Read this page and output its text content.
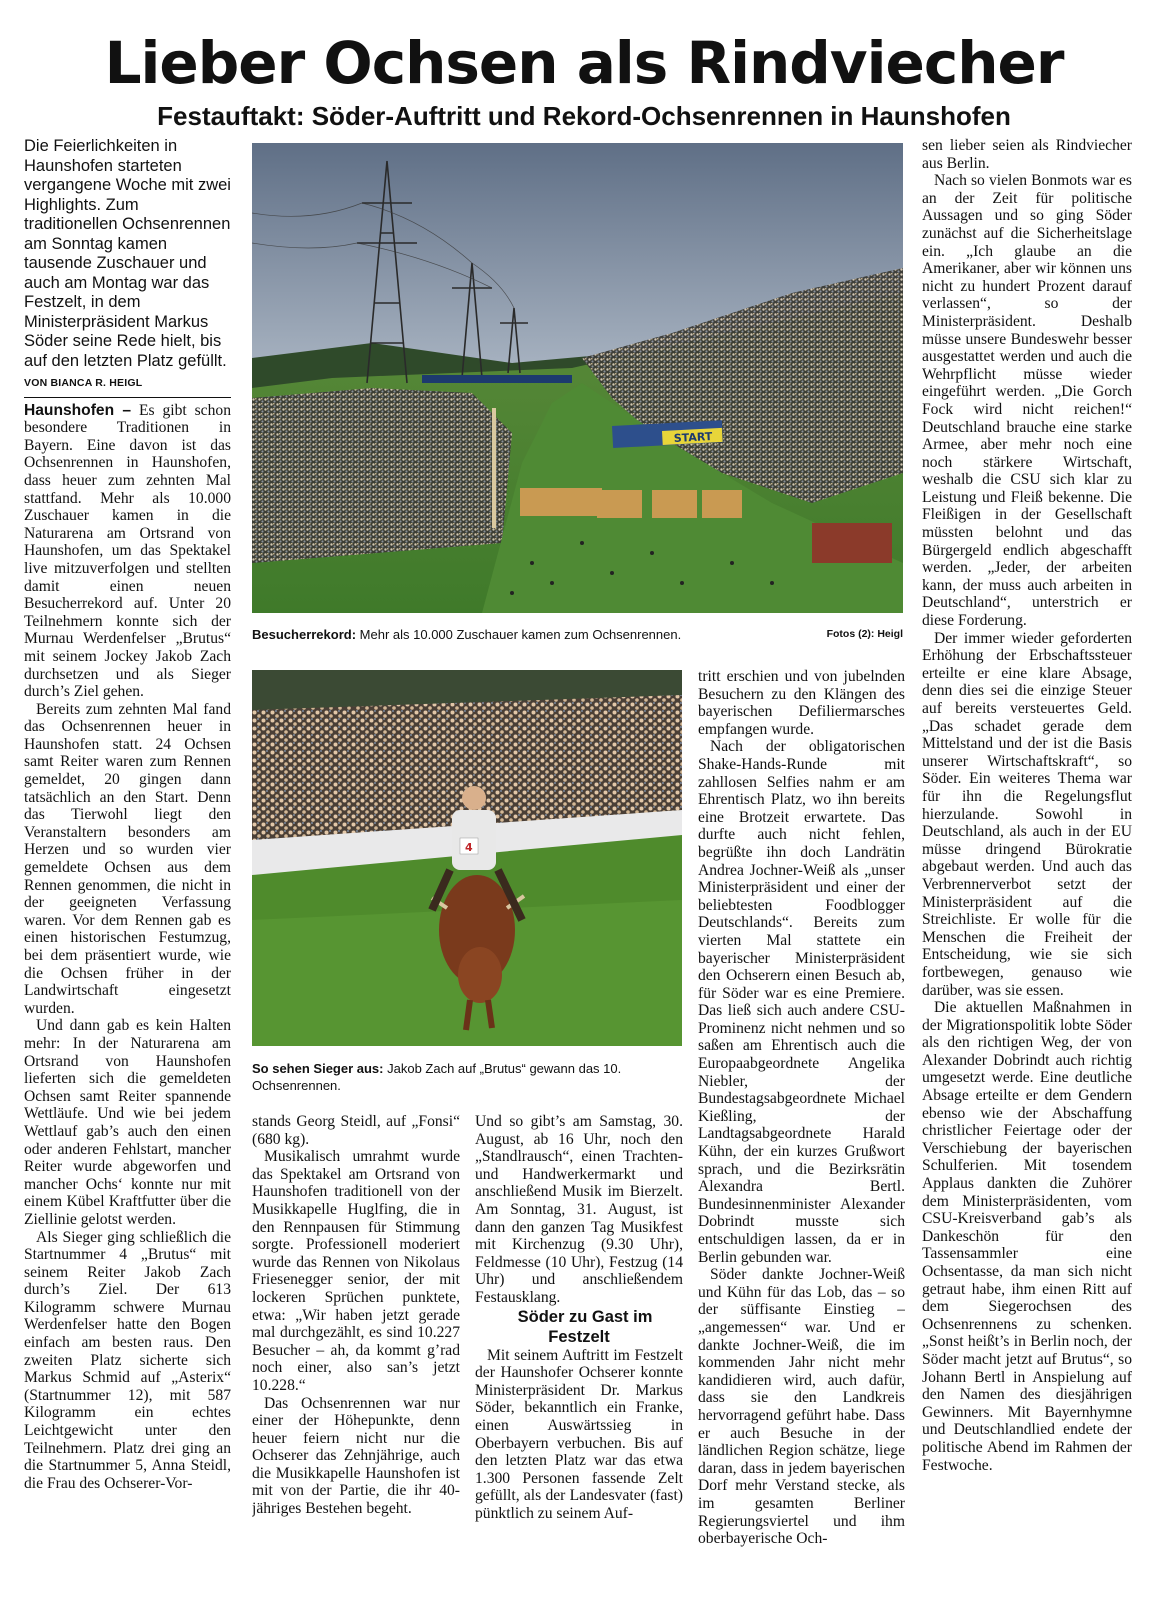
Lieber Ochsen als Rindviecher
Festauftakt: Söder-Auftritt und Rekord-Ochsenrennen in Haunshofen

Die Feierlichkeiten in Haunshofen starteten vergangene Woche mit zwei Highlights. Zum traditionellen Ochsenrennen am Sonntag kamen tausende Zuschauer und auch am Montag war das Festzelt, in dem Ministerpräsident Markus Söder seine Rede hielt, bis auf den letzten Platz gefüllt.

VON BIANCA R. HEIGL

Haunshofen – Es gibt schon besondere Traditionen in Bayern. Eine davon ist das Ochsenrennen in Haunshofen, dass heuer zum zehnten Mal stattfand. Mehr als 10.000 Zuschauer kamen in die Naturarena am Ortsrand von Haunshofen, um das Spektakel live mitzuverfolgen und stellten damit einen neuen Besucherrekord auf. Unter 20 Teilnehmern konnte sich der Murnau Werdenfelser „Brutus“ mit seinem Jockey Jakob Zach durchsetzen und als Sieger durch’s Ziel gehen.

Bereits zum zehnten Mal fand das Ochsenrennen heuer in Haunshofen statt. 24 Ochsen samt Reiter waren zum Rennen gemeldet, 20 gingen dann tatsächlich an den Start. Denn das Tierwohl liegt den Veranstaltern besonders am Herzen und so wurden vier gemeldete Ochsen aus dem Rennen genommen, die nicht in der geeigneten Verfassung waren. Vor dem Rennen gab es einen historischen Festumzug, bei dem präsentiert wurde, wie die Ochsen früher in der Landwirtschaft eingesetzt wurden.

Und dann gab es kein Halten mehr: In der Naturarena am Ortsrand von Haunshofen lieferten sich die gemeldeten Ochsen samt Reiter spannende Wettläufe. Und wie bei jedem Wettlauf gab’s auch den einen oder anderen Fehlstart, mancher Reiter wurde abgeworfen und mancher Ochs‘ konnte nur mit einem Kübel Kraftfutter über die Ziellinie gelotst werden.

Als Sieger ging schließlich die Startnummer 4 „Brutus“ mit seinem Reiter Jakob Zach durch’s Ziel. Der 613 Kilogramm schwere Murnau Werdenfelser hatte den Bogen einfach am besten raus. Den zweiten Platz sicherte sich Markus Schmid auf „Asterix“ (Startnummer 12), mit 587 Kilogramm ein echtes Leichtgewicht unter den Teilnehmern. Platz drei ging an die Startnummer 5, Anna Steidl, die Frau des Ochserer-Vor-

START
Besucherrekord: Mehr als 10.000 Zuschauer kamen zum Ochsenrennen.	Fotos (2): Heigl
4
So sehen Sieger aus: Jakob Zach auf „Brutus“ gewann das 10. Ochsenrennen.

stands Georg Steidl, auf „Fonsi“ (680 kg).

Musikalisch umrahmt wurde das Spektakel am Ortsrand von Haunshofen traditionell von der Musikkapelle Huglfing, die in den Rennpausen für Stimmung sorgte. Professionell moderiert wurde das Rennen von Nikolaus Friesenegger senior, der mit lockeren Sprüchen punktete, etwa: „Wir haben jetzt gerade mal durchgezählt, es sind 10.227 Besucher – ah, da kommt g’rad noch einer, also san’s jetzt 10.228.“

Das Ochsenrennen war nur einer der Höhepunkte, denn heuer feiern nicht nur die Ochserer das Zehnjährige, auch die Musikkapelle Haunshofen ist mit von der Partie, die ihr 40-jähriges Bestehen begeht.

Und so gibt’s am Samstag, 30. August, ab 16 Uhr, noch den „Standlrausch“, einen Trachten- und Handwerkermarkt und anschließend Musik im Bierzelt. Am Sonntag, 31. August, ist dann den ganzen Tag Musikfest mit Kirchenzug (9.30 Uhr), Feldmesse (10 Uhr), Festzug (14 Uhr) und anschließendem Festausklang.

Söder zu Gast im Festzelt

Mit seinem Auftritt im Festzelt der Haunshofer Ochserer konnte Ministerpräsident Dr. Markus Söder, bekanntlich ein Franke, einen Auswärtssieg in Oberbayern verbuchen. Bis auf den letzten Platz war das etwa 1.300 Personen fassende Zelt gefüllt, als der Landesvater (fast) pünktlich zu seinem Auf-

tritt erschien und von jubelnden Besuchern zu den Klängen des bayerischen Defiliermarsches empfangen wurde.

Nach der obligatorischen Shake-Hands-Runde mit zahllosen Selfies nahm er am Ehrentisch Platz, wo ihn bereits eine Brotzeit erwartete. Das durfte auch nicht fehlen, begrüßte ihn doch Landrätin Andrea Jochner-Weiß als „unser Ministerpräsident und einer der beliebtesten Foodblogger Deutschlands“. Bereits zum vierten Mal stattete ein bayerischer Ministerpräsident den Ochserern einen Besuch ab, für Söder war es eine Premiere. Das ließ sich auch andere CSU-Prominenz nicht nehmen und so saßen am Ehrentisch auch die Europaabgeordnete Angelika Niebler, der Bundestagsabgeordnete Michael Kießling, der Landtagsabgeordnete Harald Kühn, der ein kurzes Grußwort sprach, und die Bezirksrätin Alexandra Bertl. Bundesinnenminister Alexander Dobrindt musste sich entschuldigen lassen, da er in Berlin gebunden war.

Söder dankte Jochner-Weiß und Kühn für das Lob, das – so der süffisante Einstieg – „angemessen“ war. Und er dankte Jochner-Weiß, die im kommenden Jahr nicht mehr kandidieren wird, auch dafür, dass sie den Landkreis hervorragend geführt habe. Dass er auch Besuche in der ländlichen Region schätze, liege daran, dass in jedem bayerischen Dorf mehr Verstand stecke, als im gesamten Berliner Regierungsviertel und ihm oberbayerische Och-

sen lieber seien als Rindviecher aus Berlin.

Nach so vielen Bonmots war es an der Zeit für politische Aussagen und so ging Söder zunächst auf die Sicherheitslage ein. „Ich glaube an die Amerikaner, aber wir können uns nicht zu hundert Prozent darauf verlassen“, so der Ministerpräsident. Deshalb müsse unsere Bundeswehr besser ausgestattet werden und auch die Wehrpflicht müsse wieder eingeführt werden. „Die Gorch Fock wird nicht reichen!“ Deutschland brauche eine starke Armee, aber mehr noch eine noch stärkere Wirtschaft, weshalb die CSU sich klar zu Leistung und Fleiß bekenne. Die Fleißigen in der Gesellschaft müssten belohnt und das Bürgergeld endlich abgeschafft werden. „Jeder, der arbeiten kann, der muss auch arbeiten in Deutschland“, unterstrich er diese Forderung.

Der immer wieder geforderten Erhöhung der Erbschaftssteuer erteilte er eine klare Absage, denn dies sei die einzige Steuer auf bereits versteuertes Geld. „Das schadet gerade dem Mittelstand und der ist die Basis unserer Wirtschaftskraft“, so Söder. Ein weiteres Thema war für ihn die Regelungsflut hierzulande. Sowohl in Deutschland, als auch in der EU müsse dringend Bürokratie abgebaut werden. Und auch das Verbrennerverbot setzt der Ministerpräsident auf die Streichliste. Er wolle für die Menschen die Freiheit der Entscheidung, wie sie sich fortbewegen, genauso wie darüber, was sie essen.

Die aktuellen Maßnahmen in der Migrationspolitik lobte Söder als den richtigen Weg, der von Alexander Dobrindt auch richtig umgesetzt werde. Eine deutliche Absage erteilte er dem Gendern ebenso wie der Abschaffung christlicher Feiertage oder der Verschiebung der bayerischen Schulferien. Mit tosendem Applaus dankten die Zuhörer dem Ministerpräsidenten, vom CSU-Kreisverband gab’s als Dankeschön für den Tassensammler eine Ochsentasse, da man sich nicht getraut habe, ihm einen Ritt auf dem Siegerochsen des Ochsenrennens zu schenken. „Sonst heißt’s in Berlin noch, der Söder macht jetzt auf Brutus“, so Johann Bertl in Anspielung auf den Namen des diesjährigen Gewinners. Mit Bayernhymne und Deutschlandlied endete der politische Abend im Rahmen der Festwoche.
